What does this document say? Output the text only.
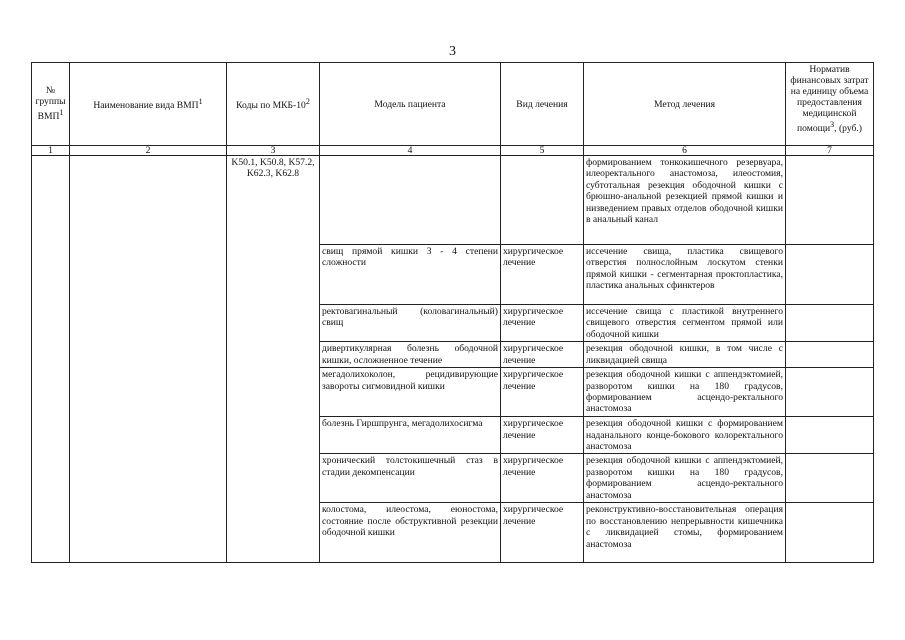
3
№ группы ВМП$^1$	Наименование вида ВМП$^1$	Коды по МКБ-$10^2$	Модель пациента	Вид лечения	Метод лечения	Норматив финансовых затрат на единицу объема предоставления медицинской помощи$^3$, (руб.)
1	2	3	4	5	6	7
		K50.1, K50.8, K57.2, K62.3, K62.8			формированием тонкокишечного резервуара, илеоректального анастомоза, илеостомия, субтотальная резекция ободочной кишки с брюшно-анальной резекцией прямой кишки и низведением правых отделов ободочной кишки в анальный канал	
			свищ прямой кишки 3 - 4 степени сложности	хирургическое лечение	иссечение свища, пластика свищевого отверстия полнослойным лоскутом стенки прямой кишки - сегментарная проктопластика, пластика анальных сфинктеров	
			ректовагинальный (коловагинальный) свищ	хирургическое лечение	иссечение свища с пластикой внутреннего свищевого отверстия сегментом прямой или ободочной кишки	
			дивертикулярная болезнь ободочной кишки, осложненное течение	хирургическое лечение	резекция ободочной кишки, в том числе с ликвидацией свища	
			мегадолихоколон, рецидивирующие завороты сигмовидной кишки	хирургическое лечение	резекция ободочной кишки с аппендэктомией, разворотом кишки на 180 градусов, формированием асцендо-ректального анастомоза	
			болезнь Гиршпрунга, мегадолихосигма	хирургическое лечение	резекция ободочной кишки с формированием наданального конце-бокового колоректального анастомоза	
			хронический толстокишечный стаз в стадии декомпенсации	хирургическое лечение	резекция ободочной кишки с аппендэктомией, разворотом кишки на 180 градусов, формированием асцендо-ректального анастомоза	
			колостома, илеостома, еюностома, состояние после обструктивной резекции ободочной кишки	хирургическое лечение	реконструктивно-восстановительная операция по восстановлению непрерывности кишечника с ликвидацией стомы, формированием анастомоза	
